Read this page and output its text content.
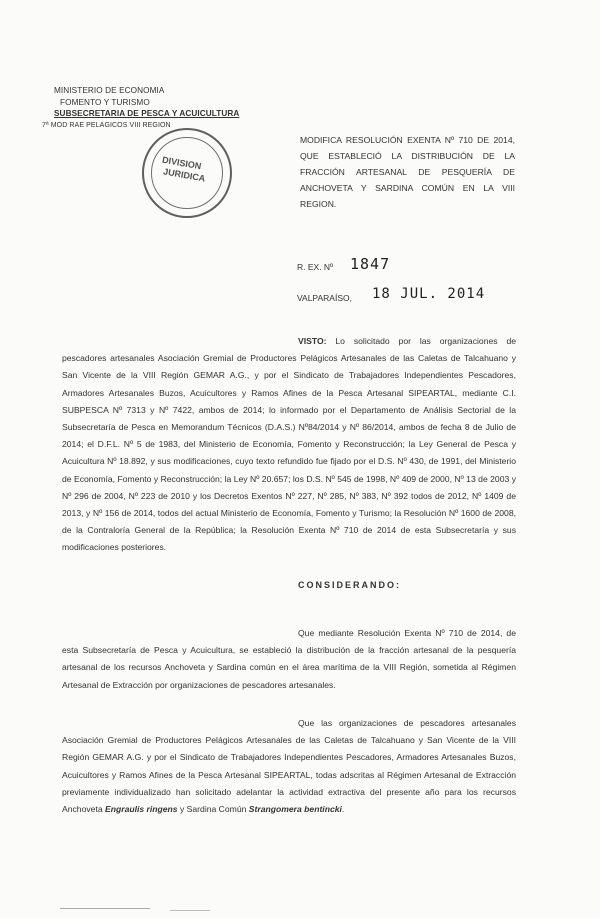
MINISTERIO DE ECONOMIA
FOMENTO Y TURISMO
SUBSECRETARIA DE PESCA Y ACUICULTURA
7ª MOD RAE PELAGICOS VIII REGION
DIVISION
JURIDICA
MODIFICA RESOLUCIÓN EXENTA Nº 710 DE 2014, QUE ESTABLECIÓ LA DISTRIBUCIÓN DE LA FRACCIÓN ARTESANAL DE PESQUERÍA DE ANCHOVETA Y SARDINA COMÚN EN LA VIII REGION.
R. EX. Nº 1847
VALPARAÍSO, 18 JUL. 2014
VISTO: Lo solicitado por las organizaciones de pescadores artesanales Asociación Gremial de Productores Pelágicos Artesanales de las Caletas de Talcahuano y San Vicente de la VIII Región GEMAR A.G., y por el Sindicato de Trabajadores Independientes Pescadores, Armadores Artesanales Buzos, Acuicultores y Ramos Afines de la Pesca Artesanal SIPEARTAL, mediante C.I. SUBPESCA Nº 7313 y Nº 7422, ambos de 2014; lo informado por el Departamento de Análisis Sectorial de la Subsecretaría de Pesca en Memorandum Técnicos (D.A.S.) Nº84/2014 y Nº 86/2014, ambos de fecha 8 de Julio de 2014; el D.F.L. Nº 5 de 1983, del Ministerio de Economía, Fomento y Reconstrucción; la Ley General de Pesca y Acuicultura Nº 18.892, y sus modificaciones, cuyo texto refundido fue fijado por el D.S. Nº 430, de 1991, del Ministerio de Economía, Fomento y Reconstrucción; la Ley Nº 20.657; los D.S. Nº 545 de 1998, Nº 409 de 2000, Nº 13 de 2003 y Nº 296 de 2004, Nº 223 de 2010 y los Decretos Exentos Nº 227, Nº 285, Nº 383, Nº 392 todos de 2012, Nº 1409 de 2013, y Nº 156 de 2014, todos del actual Ministerio de Economía, Fomento y Turismo; la Resolución Nº 1600 de 2008, de la Contraloría General de la República; la Resolución Exenta Nº 710 de 2014 de esta Subsecretaría y sus modificaciones posteriores.
CONSIDERANDO:
Que mediante Resolución Exenta Nº 710 de 2014, de esta Subsecretaría de Pesca y Acuicultura, se estableció la distribución de la fracción artesanal de la pesquería artesanal de los recursos Anchoveta y Sardina común en el área marítima de la VIII Región, sometida al Régimen Artesanal de Extracción por organizaciones de pescadores artesanales.
Que las organizaciones de pescadores artesanales Asociación Gremial de Productores Pelágicos Artesanales de las Caletas de Talcahuano y San Vicente de la VIII Región GEMAR A.G. y por el Sindicato de Trabajadores Independientes Pescadores, Armadores Artesanales Buzos, Acuicultores y Ramos Afines de la Pesca Artesanal SIPEARTAL, todas adscritas al Régimen Artesanal de Extracción previamente individualizado han solicitado adelantar la actividad extractiva del presente año para los recursos Anchoveta Engraulis ringens y Sardina Común Strangomera bentincki.
